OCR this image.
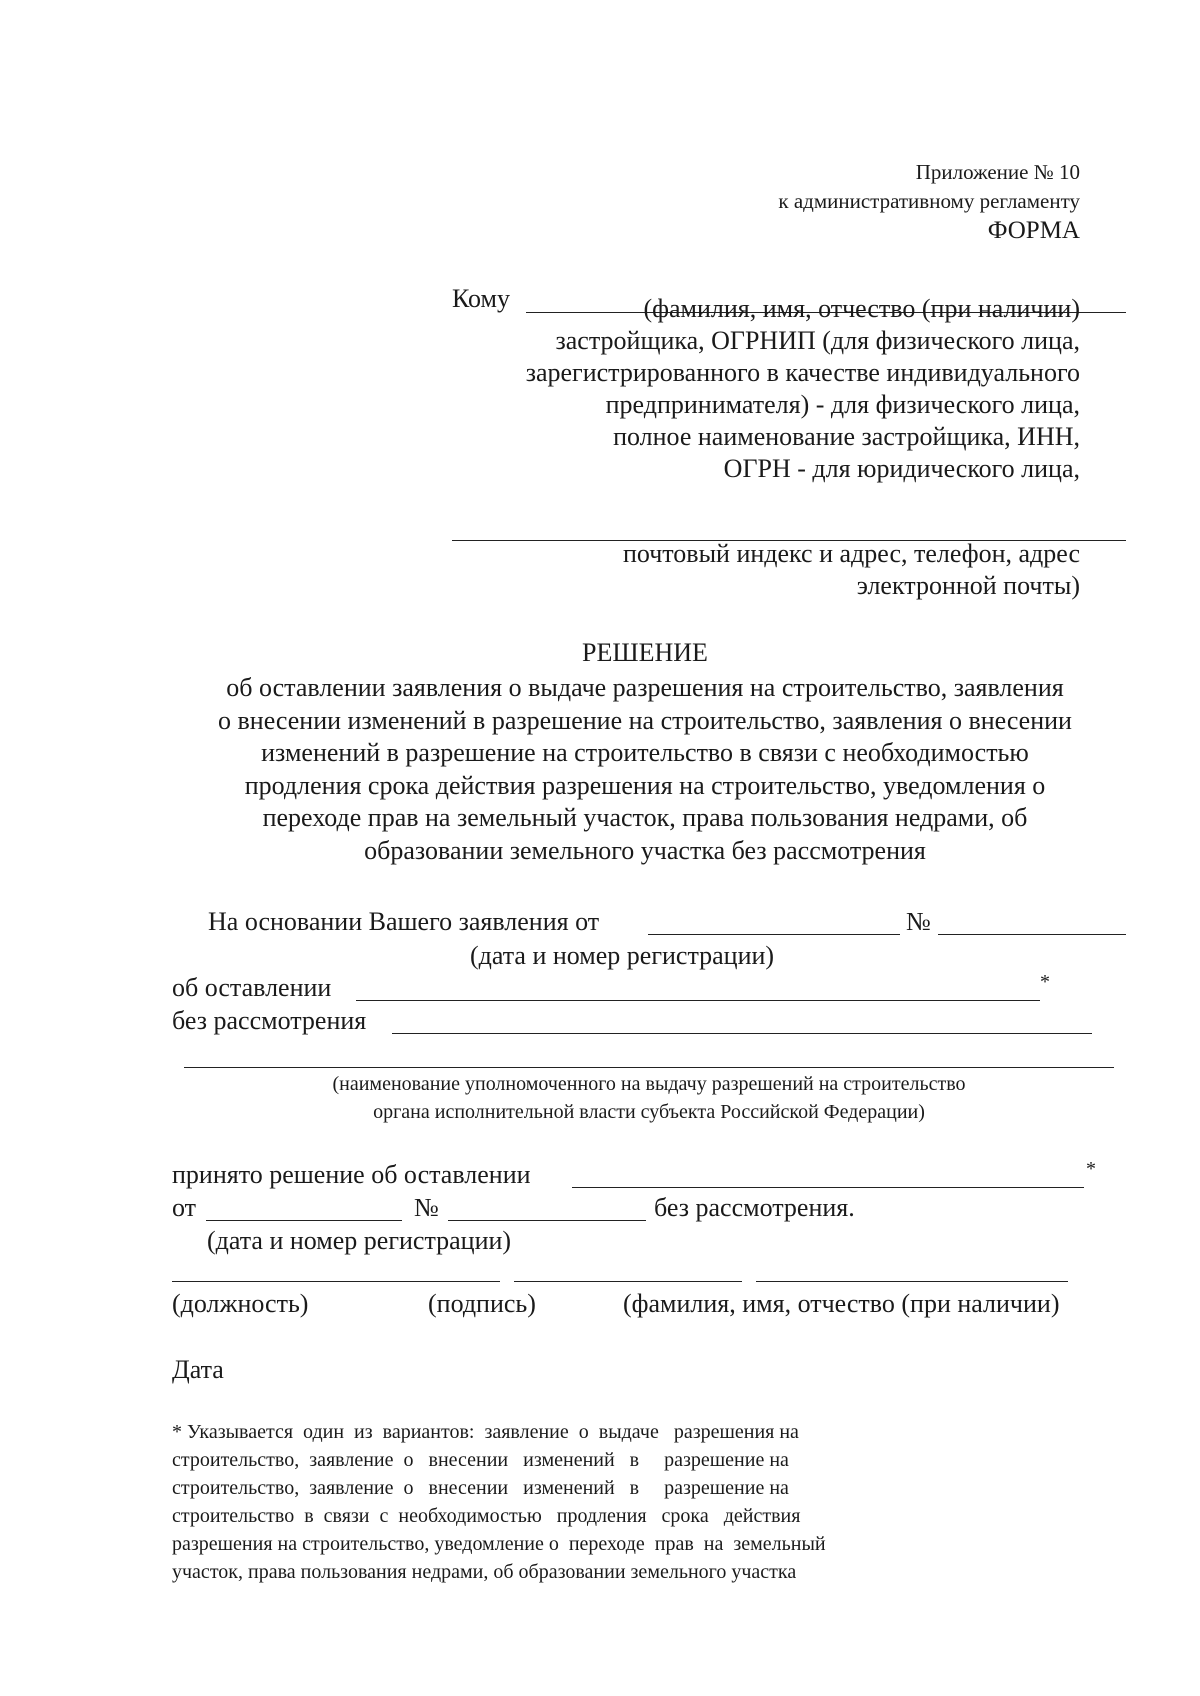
Приложение № 10
к административному регламенту
ФОРМА
Кому	(фамилия, имя, отчество (при наличии)
застройщика, ОГРНИП (для физического лица,
зарегистрированного в качестве индивидуального
предпринимателя) - для физического лица,
полное наименование застройщика, ИНН,
ОГРН - для юридического лица,
почтовый индекс и адрес, телефон, адрес
электронной почты)
РЕШЕНИЕ
об оставлении заявления о выдаче разрешения на строительство, заявления
о внесении изменений в разрешение на строительство, заявления о внесении
изменений в разрешение на строительство в связи с необходимостью
продления срока действия разрешения на строительство, уведомления о
переходе прав на земельный участок, права пользования недрами, об
образовании земельного участка без рассмотрения
На основании Вашего заявления от	№
(дата и номер регистрации)
об оставлении	*
без рассмотрения
(наименование уполномоченного на выдачу разрешений на строительство
органа исполнительной власти субъекта Российской Федерации)
принято решение об оставлении	*
от	№	без рассмотрения.
(дата и номер регистрации)
(должность)	(подпись)	(фамилия, имя, отчество (при наличии)
Дата
* Указывается  один  из  вариантов:  заявление  о  выдаче   разрешения на
строительство,  заявление  о   внесении   изменений   в     разрешение на
строительство,  заявление  о   внесении   изменений   в     разрешение на
строительство  в  связи  с  необходимостью   продления   срока   действия
разрешения на строительство, уведомление о  переходе  прав  на  земельный
участок, права пользования недрами, об образовании земельного участка
